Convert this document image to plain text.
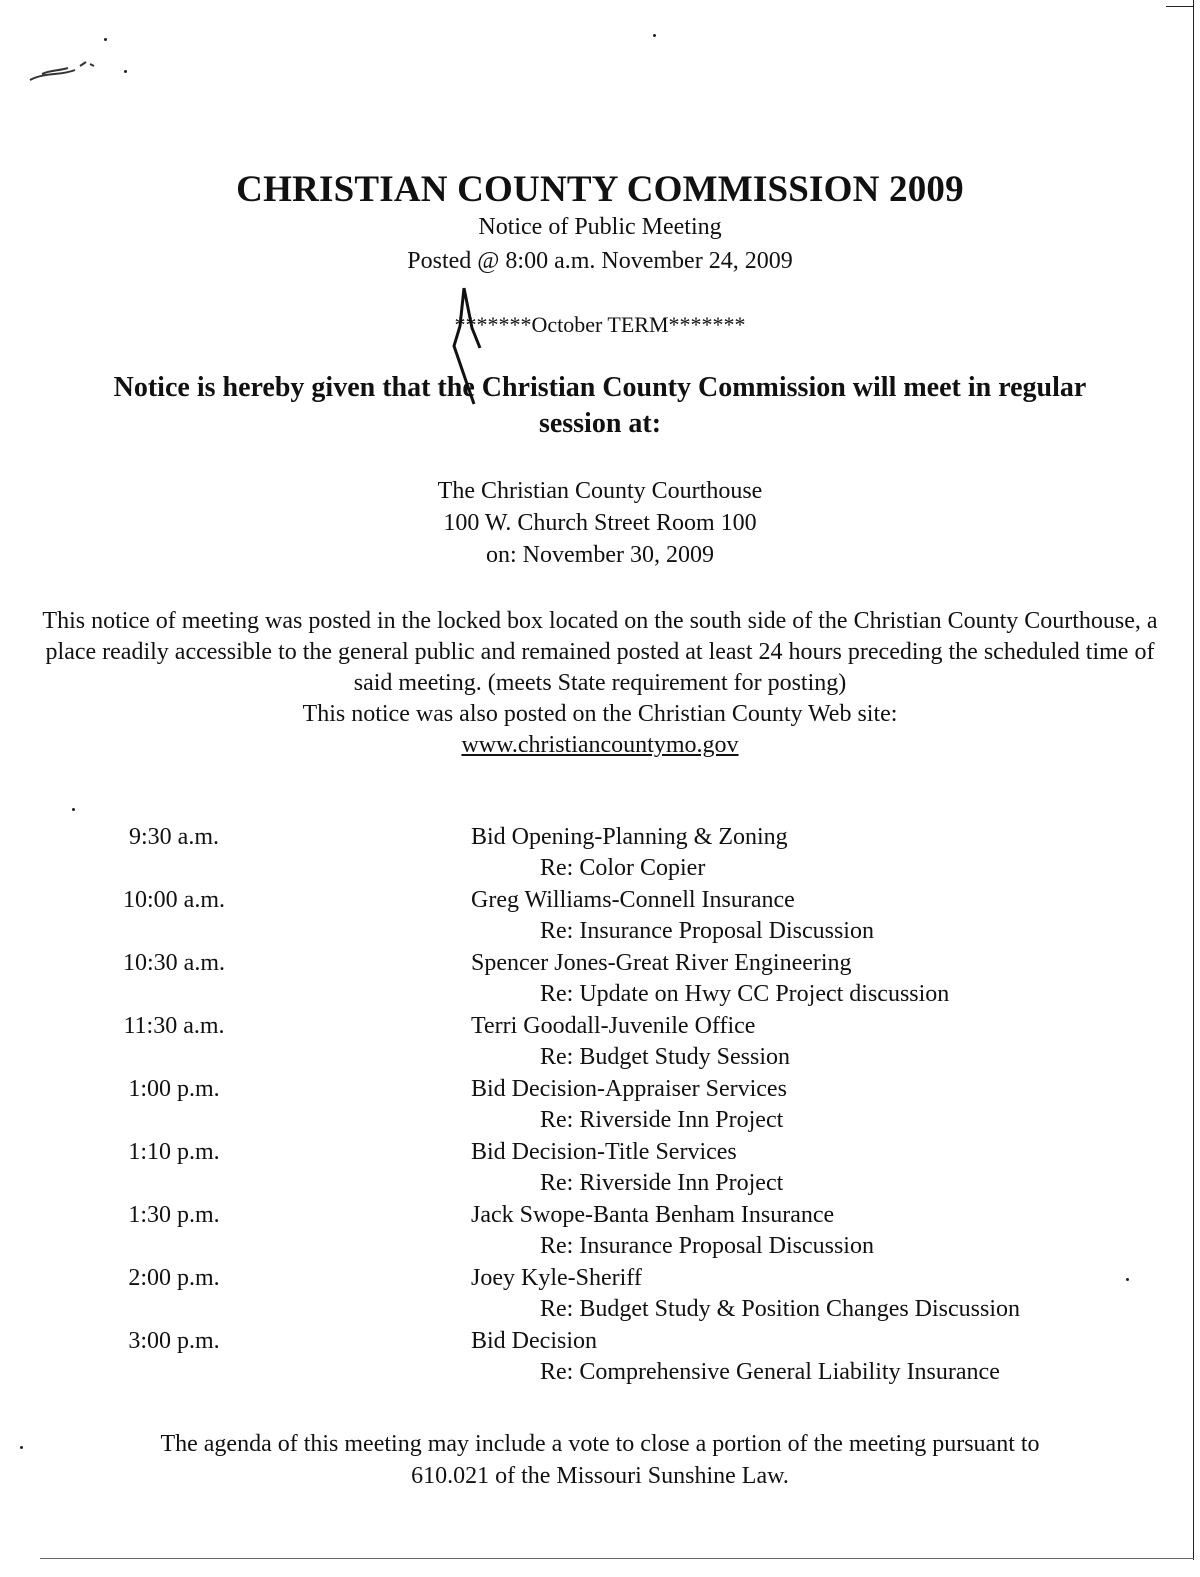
CHRISTIAN COUNTY COMMISSION 2009
Notice of Public Meeting
Posted @ 8:00 a.m. November 24, 2009
*******October TERM*******
Notice is hereby given that the Christian County Commission will meet in regular
session at:
The Christian County Courthouse
100 W. Church Street Room 100
on: November 30, 2009
This notice of meeting was posted in the locked box located on the south side of the Christian County Courthouse, a place readily accessible to the general public and remained posted at least 24 hours preceding the scheduled time of said meeting. (meets State requirement for posting)
This notice was also posted on the Christian County Web site:
www.christiancountymo.gov
9:30 a.m.	Bid Opening-Planning & Zoning
Re: Color Copier
10:00 a.m.	Greg Williams-Connell Insurance
Re: Insurance Proposal Discussion
10:30 a.m.	Spencer Jones-Great River Engineering
Re: Update on Hwy CC Project discussion
11:30 a.m.	Terri Goodall-Juvenile Office
Re: Budget Study Session
1:00 p.m.	Bid Decision-Appraiser Services
Re: Riverside Inn Project
1:10 p.m.	Bid Decision-Title Services
Re: Riverside Inn Project
1:30 p.m.	Jack Swope-Banta Benham Insurance
Re: Insurance Proposal Discussion
2:00 p.m.	Joey Kyle-Sheriff
Re: Budget Study & Position Changes Discussion
3:00 p.m.	Bid Decision
Re: Comprehensive General Liability Insurance
The agenda of this meeting may include a vote to close a portion of the meeting pursuant to
610.021 of the Missouri Sunshine Law.
